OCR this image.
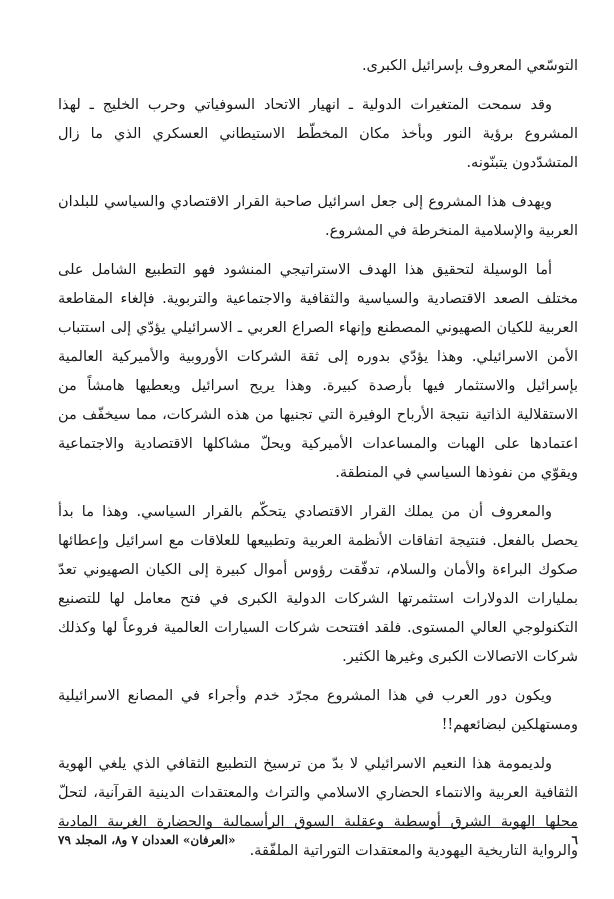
التوسّعي المعروف بإسرائيل الكبرى.

وقد سمحت المتغيرات الدولية ـ انهيار الاتحاد السوفياتي وحرب الخليج ـ لهذا المشروع برؤية النور وبأخذ مكان المخطّط الاستيطاني العسكري الذي ما زال المتشدّدون يتبنّونه.

ويهدف هذا المشروع إلى جعل اسرائيل صاحبة القرار الاقتصادي والسياسي للبلدان العربية والإسلامية المنخرطة في المشروع.

أما الوسيلة لتحقيق هذا الهدف الاستراتيجي المنشود فهو التطبيع الشامل على مختلف الصعد الاقتصادية والسياسية والثقافية والاجتماعية والتربوية. فإلغاء المقاطعة العربية للكيان الصهيوني المصطنع وإنهاء الصراع العربي ـ الاسرائيلي يؤدّي إلى استتباب الأمن الاسرائيلي. وهذا يؤدّي بدوره إلى ثقة الشركات الأوروبية والأميركية العالمية بإسرائيل والاستثمار فيها بأرصدة كبيرة. وهذا يريح اسرائيل ويعطيها هامشاً من الاستقلالية الذاتية نتيجة الأرباح الوفيرة التي تجنيها من هذه الشركات، مما سيخفّف من اعتمادها على الهبات والمساعدات الأميركية ويحلّ مشاكلها الاقتصادية والاجتماعية ويقوّي من نفوذها السياسي في المنطقة.

والمعروف أن من يملك القرار الاقتصادي يتحكّم بالقرار السياسي. وهذا ما بدأ يحصل بالفعل. فنتيجة اتفاقات الأنظمة العربية وتطبيعها للعلاقات مع اسرائيل وإعطائها صكوك البراءة والأمان والسلام، تدفّقت رؤوس أموال كبيرة إلى الكيان الصهيوني تعدّ بمليارات الدولارات استثمرتها الشركات الدولية الكبرى في فتح معامل لها للتصنيع التكنولوجي العالي المستوى. فلقد افتتحت شركات السيارات العالمية فروعاً لها وكذلك شركات الاتصالات الكبرى وغيرها الكثير.

ويكون دور العرب في هذا المشروع مجرّد خدم وأجراء في المصانع الاسرائيلية ومستهلكين لبضائعهم!!

ولديمومة هذا النعيم الاسرائيلي لا بدّ من ترسيخ التطبيع الثقافي الذي يلغي الهوية الثقافية العربية والانتماء الحضاري الاسلامي والتراث والمعتقدات الدينية القرآنية، لتحلّ محلها الهوية الشرق أوسطية وعقلية السوق الرأسمالية والحضارة الغربية المادية والرواية التاريخية اليهودية والمعتقدات التوراتية الملفّقة.

٦
«العرفان» العددان ٧ و٨، المجلد ٧٩
